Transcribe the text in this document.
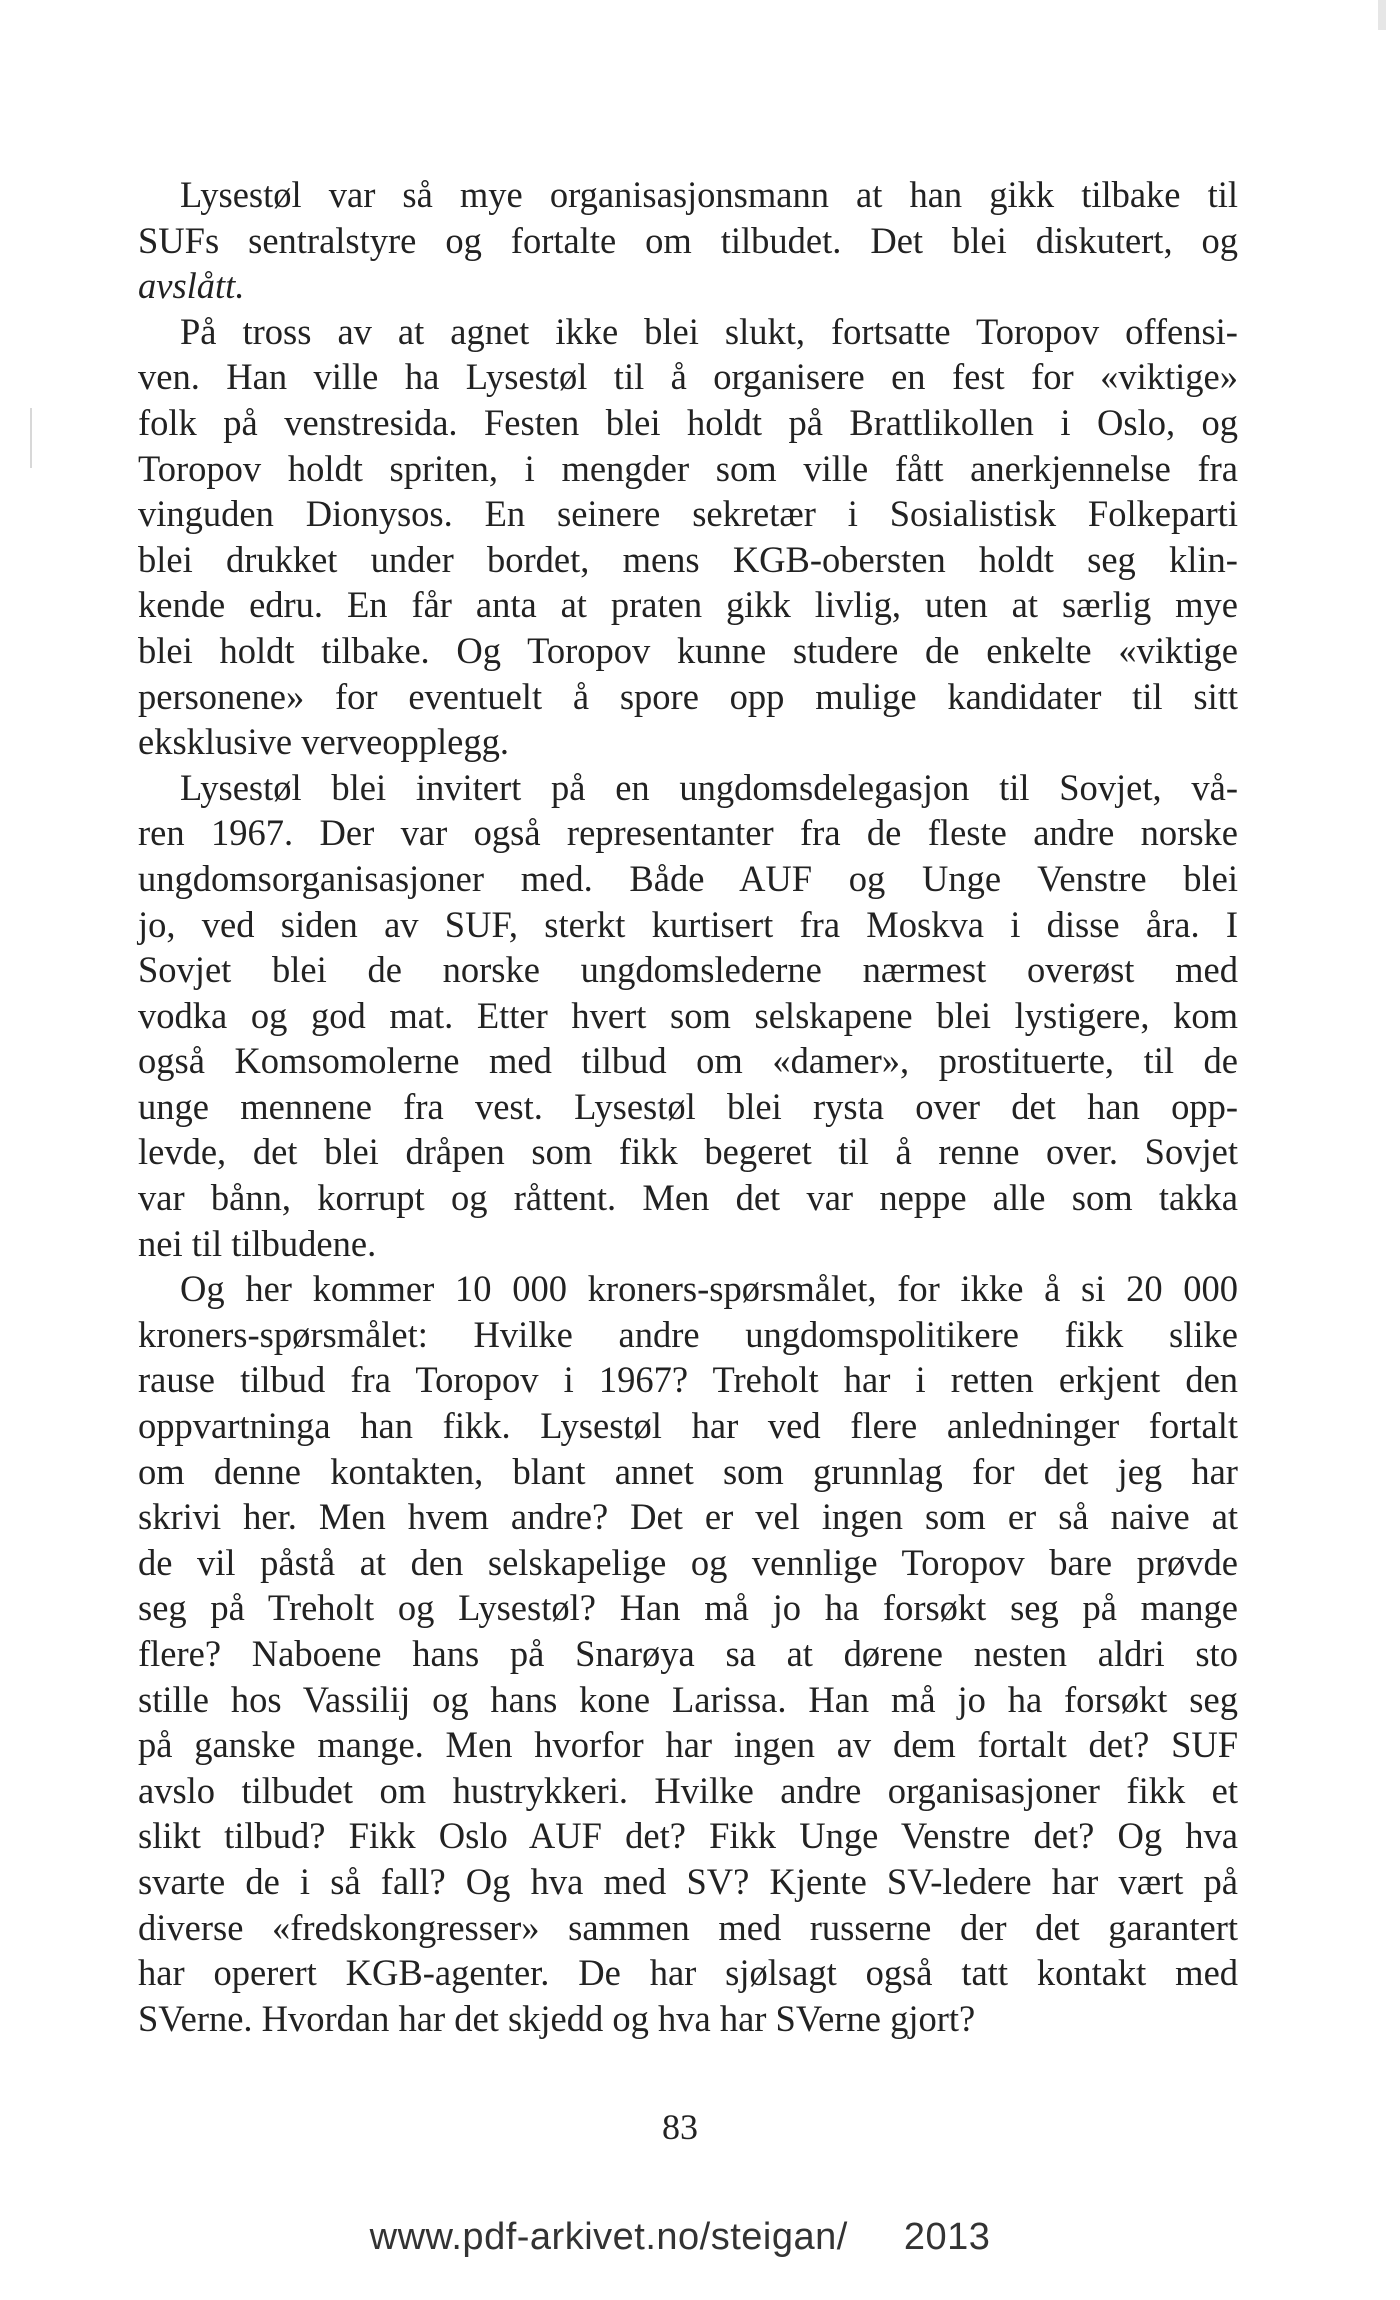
Lysestøl var så mye organisasjonsmann at han gikk tilbake til
SUFs sentralstyre og fortalte om tilbudet. Det blei diskutert, og
avslått.
På tross av at agnet ikke blei slukt, fortsatte Toropov offensi-
ven. Han ville ha Lysestøl til å organisere en fest for «viktige»
folk på venstresida. Festen blei holdt på Brattlikollen i Oslo, og
Toropov holdt spriten, i mengder som ville fått anerkjennelse fra
vinguden Dionysos. En seinere sekretær i Sosialistisk Folkeparti
blei drukket under bordet, mens KGB-obersten holdt seg klin-
kende edru. En får anta at praten gikk livlig, uten at særlig mye
blei holdt tilbake. Og Toropov kunne studere de enkelte «viktige
personene» for eventuelt å spore opp mulige kandidater til sitt
eksklusive verveopplegg.
Lysestøl blei invitert på en ungdomsdelegasjon til Sovjet, vå-
ren 1967. Der var også representanter fra de fleste andre norske
ungdomsorganisasjoner med. Både AUF og Unge Venstre blei
jo, ved siden av SUF, sterkt kurtisert fra Moskva i disse åra. I
Sovjet blei de norske ungdomslederne nærmest overøst med
vodka og god mat. Etter hvert som selskapene blei lystigere, kom
også Komsomolerne med tilbud om «damer», prostituerte, til de
unge mennene fra vest. Lysestøl blei rysta over det han opp-
levde, det blei dråpen som fikk begeret til å renne over. Sovjet
var bånn, korrupt og råttent. Men det var neppe alle som takka
nei til tilbudene.
Og her kommer 10 000 kroners-spørsmålet, for ikke å si 20 000
kroners-spørsmålet: Hvilke andre ungdomspolitikere fikk slike
rause tilbud fra Toropov i 1967? Treholt har i retten erkjent den
oppvartninga han fikk. Lysestøl har ved flere anledninger fortalt
om denne kontakten, blant annet som grunnlag for det jeg har
skrivi her. Men hvem andre? Det er vel ingen som er så naive at
de vil påstå at den selskapelige og vennlige Toropov bare prøvde
seg på Treholt og Lysestøl? Han må jo ha forsøkt seg på mange
flere? Naboene hans på Snarøya sa at dørene nesten aldri sto
stille hos Vassilij og hans kone Larissa. Han må jo ha forsøkt seg
på ganske mange. Men hvorfor har ingen av dem fortalt det? SUF
avslo tilbudet om hustrykkeri. Hvilke andre organisasjoner fikk et
slikt tilbud? Fikk Oslo AUF det? Fikk Unge Venstre det? Og hva
svarte de i så fall? Og hva med SV? Kjente SV-ledere har vært på
diverse «fredskongresser» sammen med russerne der det garantert
har operert KGB-agenter. De har sjølsagt også tatt kontakt med
SVerne. Hvordan har det skjedd og hva har SVerne gjort?
83
www.pdf-arkivet.no/steigan/ 2013
